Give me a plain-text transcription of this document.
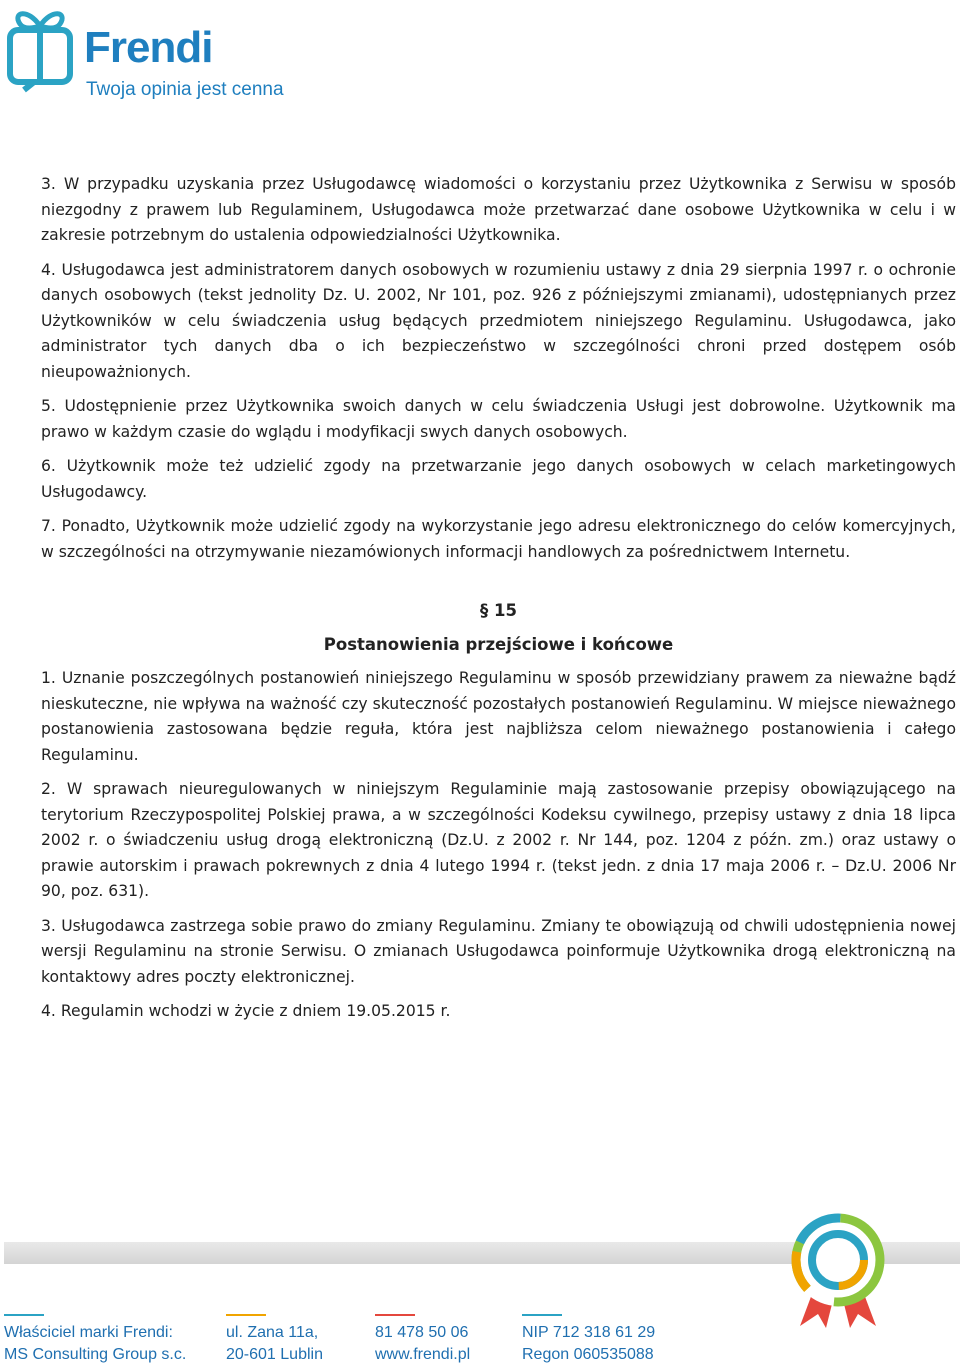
Frendi
Twoja opinia jest cenna

3. W przypadku uzyskania przez Usługodawcę wiadomości o korzystaniu przez Użytkownika z Serwisu w sposób niezgodny z prawem lub Regulaminem, Usługodawca może przetwarzać dane osobowe Użytkownika w celu i w zakresie potrzebnym do ustalenia odpowiedzialności Użytkownika.

4. Usługodawca jest administratorem danych osobowych w rozumieniu ustawy z dnia 29 sierpnia 1997 r. o ochronie danych osobowych (tekst jednolity Dz. U. 2002, Nr 101, poz. 926 z późniejszymi zmianami), udostępnianych przez Użytkowników w celu świadczenia usług będących przedmiotem niniejszego Regulaminu. Usługodawca, jako administrator tych danych dba o ich bezpieczeństwo w szczególności chroni przed dostępem osób nieupoważnionych.

5. Udostępnienie przez Użytkownika swoich danych w celu świadczenia Usługi jest dobrowolne. Użytkownik ma prawo w każdym czasie do wglądu i modyfikacji swych danych osobowych.

6. Użytkownik może też udzielić zgody na przetwarzanie jego danych osobowych w celach marketingowych Usługodawcy.

7. Ponadto, Użytkownik może udzielić zgody na wykorzystanie jego adresu elektronicznego do celów komercyjnych, w szczególności na otrzymywanie niezamówionych informacji handlowych za pośrednictwem Internetu.

§ 15

Postanowienia przejściowe i końcowe

1. Uznanie poszczególnych postanowień niniejszego Regulaminu w sposób przewidziany prawem za nieważne bądź nieskuteczne, nie wpływa na ważność czy skuteczność pozostałych postanowień Regulaminu. W miejsce nieważnego postanowienia zastosowana będzie reguła, która jest najbliższa celom nieważnego postanowienia i całego Regulaminu.

2. W sprawach nieuregulowanych w niniejszym Regulaminie mają zastosowanie przepisy obowiązującego na terytorium Rzeczypospolitej Polskiej prawa, a w szczególności Kodeksu cywilnego, przepisy ustawy z dnia 18 lipca 2002 r. o świadczeniu usług drogą elektroniczną (Dz.U. z 2002 r. Nr 144, poz. 1204 z późn. zm.) oraz ustawy o prawie autorskim i prawach pokrewnych z dnia 4 lutego 1994 r. (tekst jedn. z dnia 17 maja 2006 r. – Dz.U. 2006 Nr 90, poz. 631).

3. Usługodawca zastrzega sobie prawo do zmiany Regulaminu. Zmiany te obowiązują od chwili udostępnienia nowej wersji Regulaminu na stronie Serwisu. O zmianach Usługodawca poinformuje Użytkownika drogą elektroniczną na kontaktowy adres poczty elektronicznej.

4. Regulamin wchodzi w życie z dniem 19.05.2015 r.

Właściciel marki Frendi:
MS Consulting Group s.c.
ul. Zana 11a,
20-601 Lublin
81 478 50 06
www.frendi.pl
NIP 712 318 61 29
Regon 060535088
